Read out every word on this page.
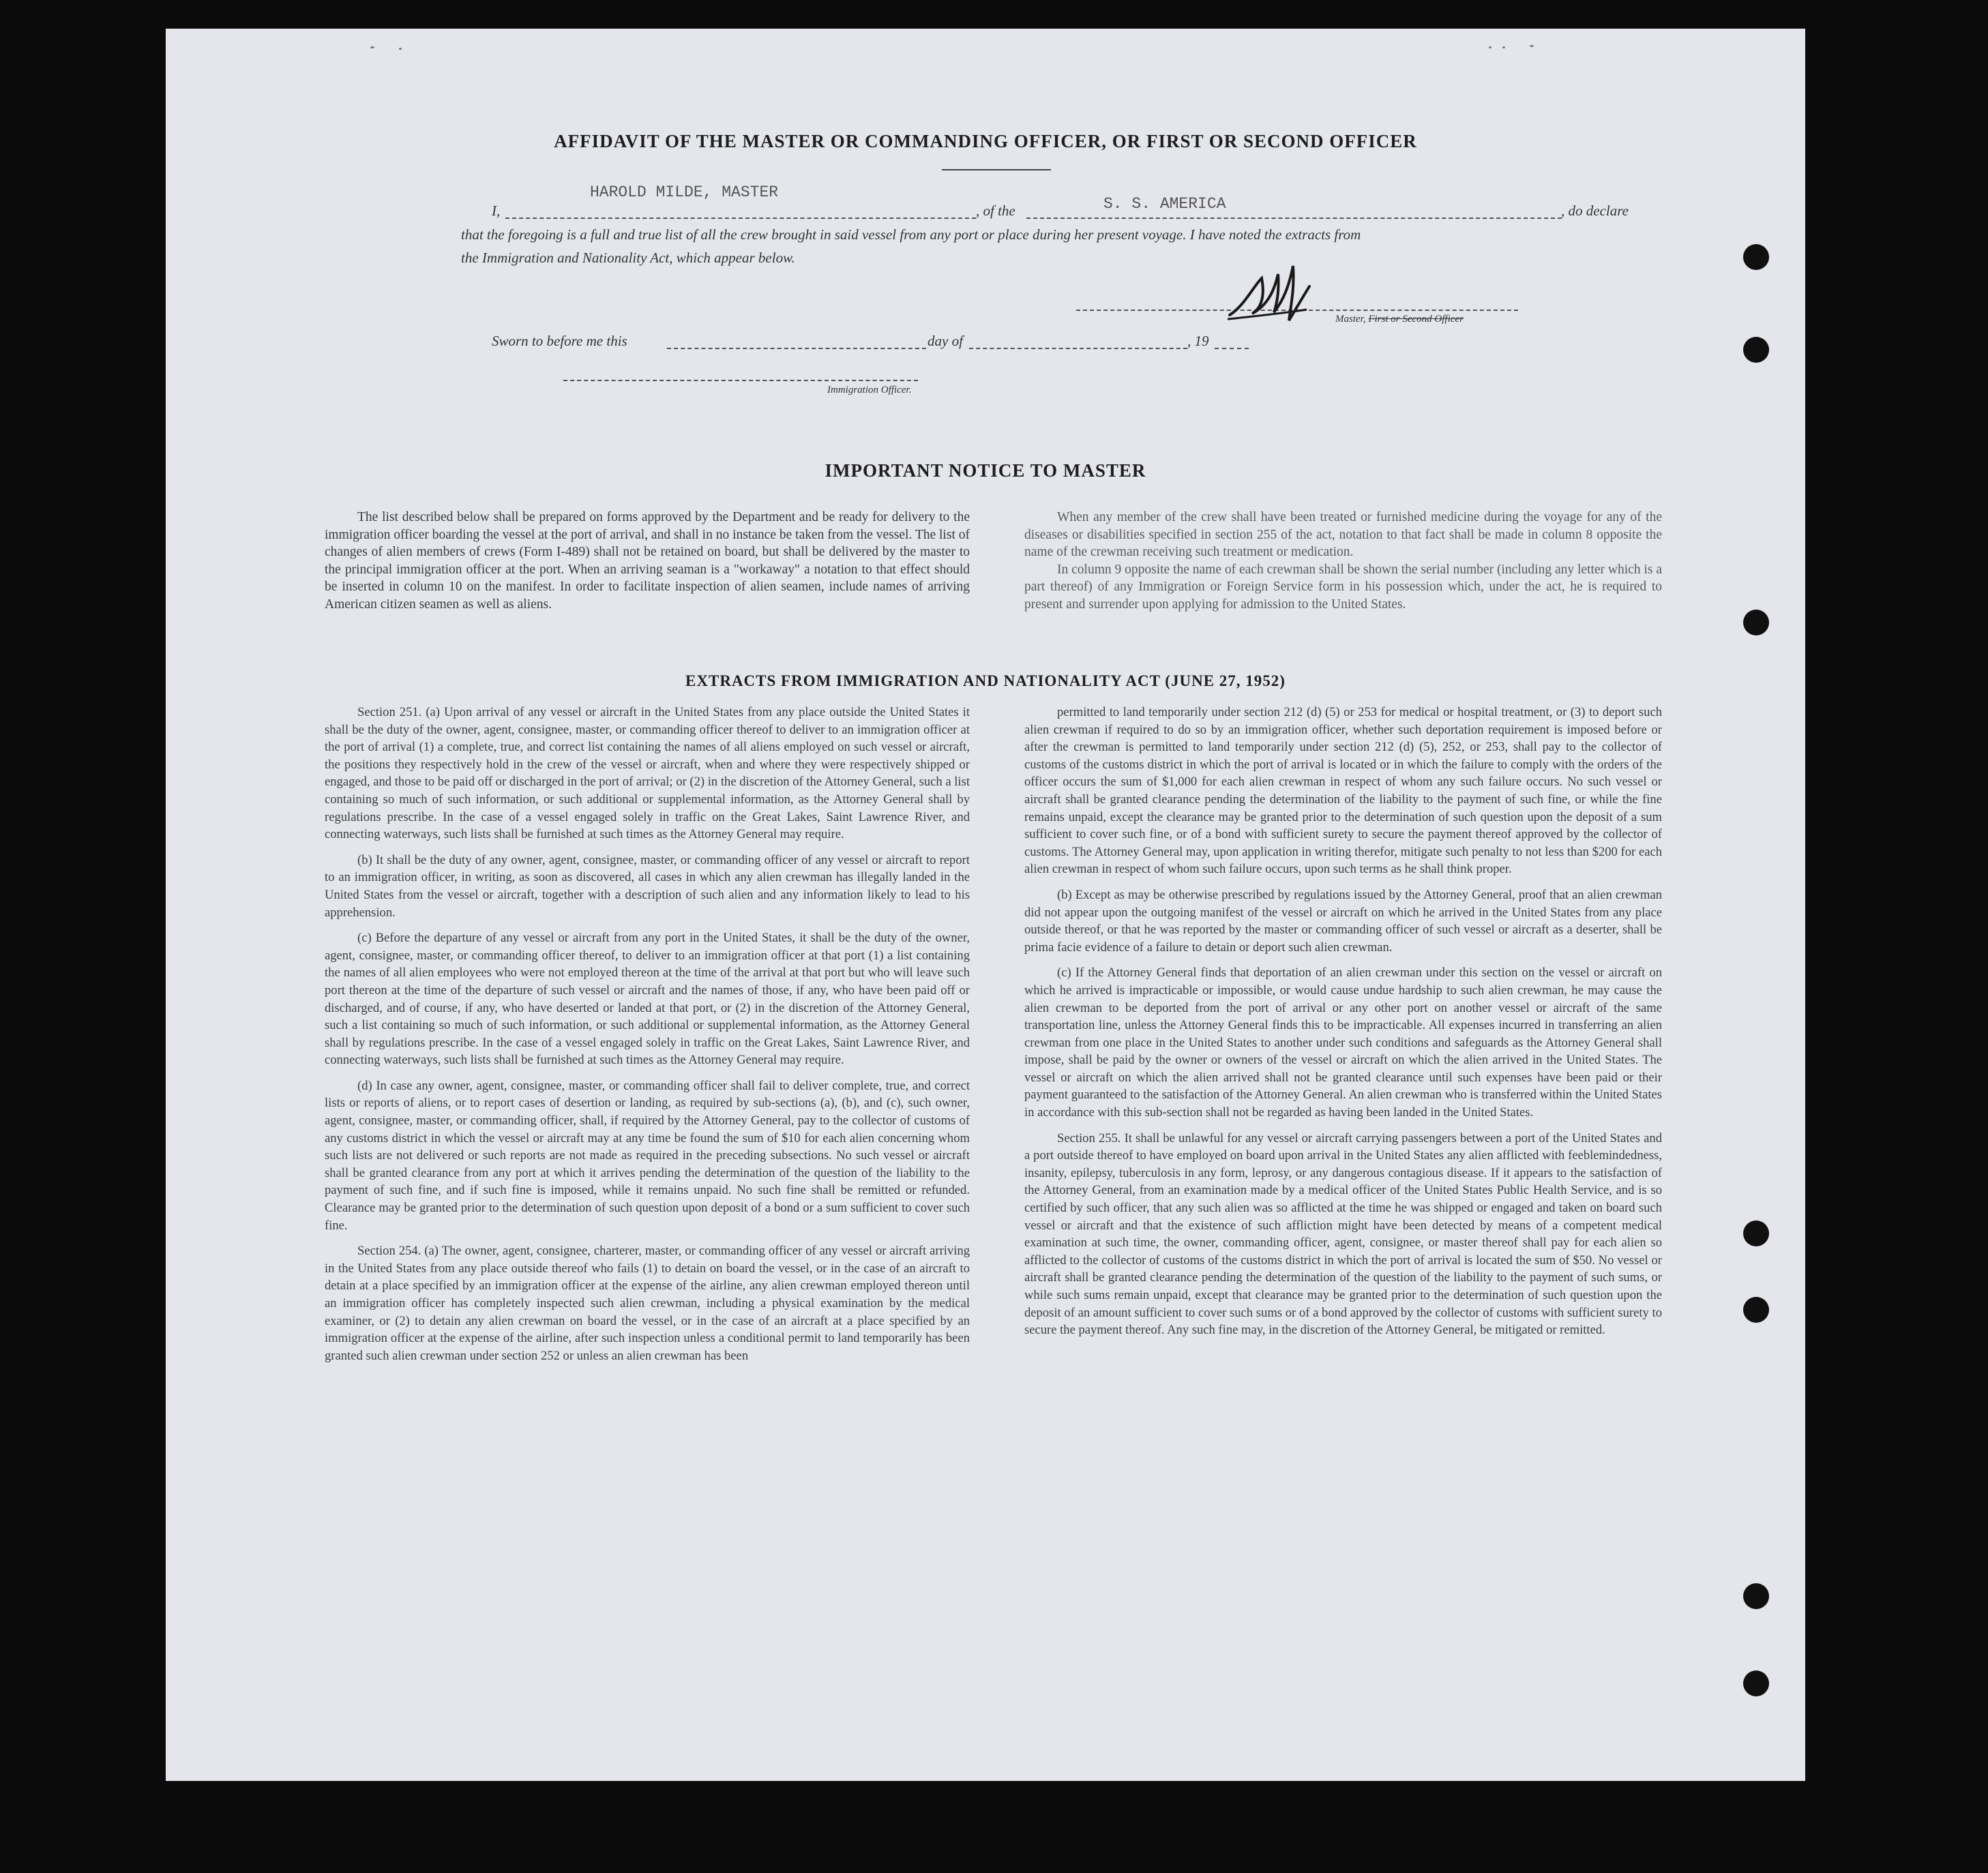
AFFIDAVIT OF THE MASTER OR COMMANDING OFFICER, OR FIRST OR SECOND OFFICER
I,
HAROLD MILDE, MASTER
, of the	S. S. AMERICA	, do declare
that the foregoing is a full and true list of all the crew brought in said vessel from any port or place during her present voyage. I have noted the extracts from
the Immigration and Nationality Act, which appear below.
Master, First or Second Officer
Sworn to before me this	day of	, 19
Immigration Officer.
IMPORTANT NOTICE TO MASTER

The list described below shall be prepared on forms approved by the Department and be ready for delivery to the immigration officer boarding the vessel at the port of arrival, and shall in no instance be taken from the vessel. The list of changes of alien members of crews (Form I-489) shall not be retained on board, but shall be delivered by the master to the principal immigration officer at the port. When an arriving seaman is a "workaway" a notation to that effect should be inserted in column 10 on the manifest. In order to facilitate inspection of alien seamen, include names of arriving American citizen seamen as well as aliens.

When any member of the crew shall have been treated or furnished medicine during the voyage for any of the diseases or disabilities specified in section 255 of the act, notation to that fact shall be made in column 8 opposite the name of the crewman receiving such treatment or medication.

In column 9 opposite the name of each crewman shall be shown the serial number (including any letter which is a part thereof) of any Immigration or Foreign Service form in his possession which, under the act, he is required to present and surrender upon applying for admission to the United States.

EXTRACTS FROM IMMIGRATION AND NATIONALITY ACT (JUNE 27, 1952)

Section 251. (a) Upon arrival of any vessel or aircraft in the United States from any place outside the United States it shall be the duty of the owner, agent, consignee, master, or commanding officer thereof to deliver to an immigration officer at the port of arrival (1) a complete, true, and correct list containing the names of all aliens employed on such vessel or aircraft, the positions they respectively hold in the crew of the vessel or aircraft, when and where they were respectively shipped or engaged, and those to be paid off or discharged in the port of arrival; or (2) in the discretion of the Attorney General, such a list containing so much of such information, or such additional or supplemental information, as the Attorney General shall by regulations prescribe. In the case of a vessel engaged solely in traffic on the Great Lakes, Saint Lawrence River, and connecting waterways, such lists shall be furnished at such times as the Attorney General may require.

(b) It shall be the duty of any owner, agent, consignee, master, or commanding officer of any vessel or aircraft to report to an immigration officer, in writing, as soon as discovered, all cases in which any alien crewman has illegally landed in the United States from the vessel or aircraft, together with a description of such alien and any information likely to lead to his apprehension.

(c) Before the departure of any vessel or aircraft from any port in the United States, it shall be the duty of the owner, agent, consignee, master, or commanding officer thereof, to deliver to an immigration officer at that port (1) a list containing the names of all alien employees who were not employed thereon at the time of the arrival at that port but who will leave such port thereon at the time of the departure of such vessel or aircraft and the names of those, if any, who have been paid off or discharged, and of course, if any, who have deserted or landed at that port, or (2) in the discretion of the Attorney General, such a list containing so much of such information, or such additional or supplemental information, as the Attorney General shall by regulations prescribe. In the case of a vessel engaged solely in traffic on the Great Lakes, Saint Lawrence River, and connecting waterways, such lists shall be furnished at such times as the Attorney General may require.

(d) In case any owner, agent, consignee, master, or commanding officer shall fail to deliver complete, true, and correct lists or reports of aliens, or to report cases of desertion or landing, as required by sub-sections (a), (b), and (c), such owner, agent, consignee, master, or commanding officer, shall, if required by the Attorney General, pay to the collector of customs of any customs district in which the vessel or aircraft may at any time be found the sum of $10 for each alien concerning whom such lists are not delivered or such reports are not made as required in the preceding subsections. No such vessel or aircraft shall be granted clearance from any port at which it arrives pending the determination of the question of the liability to the payment of such fine, and if such fine is imposed, while it remains unpaid. No such fine shall be remitted or refunded. Clearance may be granted prior to the determination of such question upon deposit of a bond or a sum sufficient to cover such fine.

Section 254. (a) The owner, agent, consignee, charterer, master, or commanding officer of any vessel or aircraft arriving in the United States from any place outside thereof who fails (1) to detain on board the vessel, or in the case of an aircraft to detain at a place specified by an immigration officer at the expense of the airline, any alien crewman employed thereon until an immigration officer has completely inspected such alien crewman, including a physical examination by the medical examiner, or (2) to detain any alien crewman on board the vessel, or in the case of an aircraft at a place specified by an immigration officer at the expense of the airline, after such inspection unless a conditional permit to land temporarily has been granted such alien crewman under section 252 or unless an alien crewman has been

permitted to land temporarily under section 212 (d) (5) or 253 for medical or hospital treatment, or (3) to deport such alien crewman if required to do so by an immigration officer, whether such deportation requirement is imposed before or after the crewman is permitted to land temporarily under section 212 (d) (5), 252, or 253, shall pay to the collector of customs of the customs district in which the port of arrival is located or in which the failure to comply with the orders of the officer occurs the sum of $1,000 for each alien crewman in respect of whom any such failure occurs. No such vessel or aircraft shall be granted clearance pending the determination of the liability to the payment of such fine, or while the fine remains unpaid, except the clearance may be granted prior to the determination of such question upon the deposit of a sum sufficient to cover such fine, or of a bond with sufficient surety to secure the payment thereof approved by the collector of customs. The Attorney General may, upon application in writing therefor, mitigate such penalty to not less than $200 for each alien crewman in respect of whom such failure occurs, upon such terms as he shall think proper.

(b) Except as may be otherwise prescribed by regulations issued by the Attorney General, proof that an alien crewman did not appear upon the outgoing manifest of the vessel or aircraft on which he arrived in the United States from any place outside thereof, or that he was reported by the master or commanding officer of such vessel or aircraft as a deserter, shall be prima facie evidence of a failure to detain or deport such alien crewman.

(c) If the Attorney General finds that deportation of an alien crewman under this section on the vessel or aircraft on which he arrived is impracticable or impossible, or would cause undue hardship to such alien crewman, he may cause the alien crewman to be deported from the port of arrival or any other port on another vessel or aircraft of the same transportation line, unless the Attorney General finds this to be impracticable. All expenses incurred in transferring an alien crewman from one place in the United States to another under such conditions and safeguards as the Attorney General shall impose, shall be paid by the owner or owners of the vessel or aircraft on which the alien arrived in the United States. The vessel or aircraft on which the alien arrived shall not be granted clearance until such expenses have been paid or their payment guaranteed to the satisfaction of the Attorney General. An alien crewman who is transferred within the United States in accordance with this sub-section shall not be regarded as having been landed in the United States.

Section 255. It shall be unlawful for any vessel or aircraft carrying passengers between a port of the United States and a port outside thereof to have employed on board upon arrival in the United States any alien afflicted with feeblemindedness, insanity, epilepsy, tuberculosis in any form, leprosy, or any dangerous contagious disease. If it appears to the satisfaction of the Attorney General, from an examination made by a medical officer of the United States Public Health Service, and is so certified by such officer, that any such alien was so afflicted at the time he was shipped or engaged and taken on board such vessel or aircraft and that the existence of such affliction might have been detected by means of a competent medical examination at such time, the owner, commanding officer, agent, consignee, or master thereof shall pay for each alien so afflicted to the collector of customs of the customs district in which the port of arrival is located the sum of $50. No vessel or aircraft shall be granted clearance pending the determination of the question of the liability to the payment of such sums, or while such sums remain unpaid, except that clearance may be granted prior to the determination of such question upon the deposit of an amount sufficient to cover such sums or of a bond approved by the collector of customs with sufficient surety to secure the payment thereof. Any such fine may, in the discretion of the Attorney General, be mitigated or remitted.
